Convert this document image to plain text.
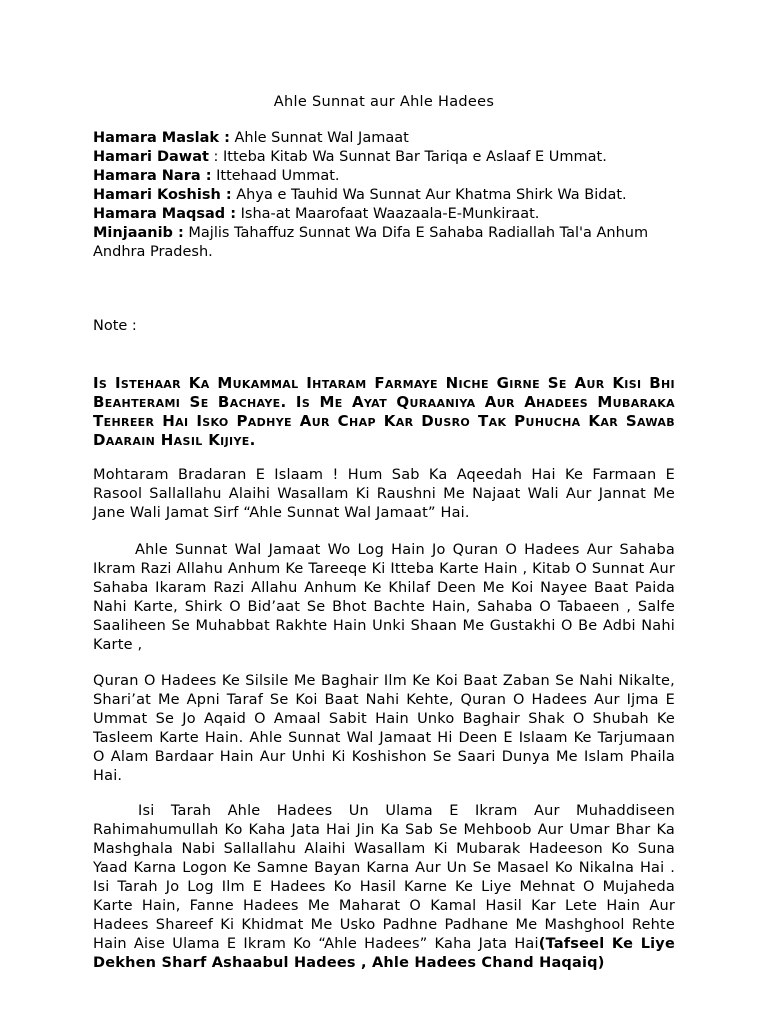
Ahle Sunnat aur Ahle Hadees

Hamara Maslak : Ahle Sunnat Wal Jamaat

Hamari Dawat : Itteba Kitab Wa Sunnat Bar Tariqa e Aslaaf E Ummat.

Hamara Nara : Ittehaad Ummat.

Hamari Koshish : Ahya e Tauhid Wa Sunnat Aur Khatma Shirk Wa Bidat.

Hamara Maqsad : Isha-at Maarofaat Waazaala-E-Munkiraat.

Minjaanib : Majlis Tahaffuz Sunnat Wa Difa E Sahaba Radiallah Tal'a Anhum Andhra Pradesh.

Note :
Is Istehaar Ka Mukammal Ihtaram Farmaye Niche Girne Se Aur Kisi Bhi Beahterami Se Bachaye. Is Me Ayat Quraaniya Aur Ahadees Mubaraka Tehreer Hai Isko Padhye Aur Chap Kar Dusro Tak Puhucha Kar Sawab Daarain Hasil Kijiye.
Mohtaram Bradaran E Islaam ! Hum Sab Ka Aqeedah Hai Ke Farmaan E Rasool Sallallahu Alaihi Wasallam Ki Raushni Me Najaat Wali Aur Jannat Me Jane Wali Jamat Sirf “Ahle Sunnat Wal Jamaat” Hai.
Ahle Sunnat Wal Jamaat Wo Log Hain Jo Quran O Hadees Aur Sahaba Ikram Razi Allahu Anhum Ke Tareeqe Ki Itteba Karte Hain , Kitab O Sunnat Aur Sahaba Ikaram Razi Allahu Anhum Ke Khilaf Deen Me Koi Nayee Baat Paida Nahi Karte, Shirk O Bid’aat Se Bhot Bachte Hain, Sahaba O Tabaeen , Salfe Saaliheen Se Muhabbat Rakhte Hain Unki Shaan Me Gustakhi O Be Adbi Nahi Karte ,
Quran O Hadees Ke Silsile Me Baghair Ilm Ke Koi Baat Zaban Se Nahi Nikalte, Shari’at Me Apni Taraf Se Koi Baat Nahi Kehte, Quran O Hadees Aur Ijma E Ummat Se Jo Aqaid O Amaal Sabit Hain Unko Baghair Shak O Shubah Ke Tasleem Karte Hain. Ahle Sunnat Wal Jamaat Hi Deen E Islaam Ke Tarjumaan O Alam Bardaar Hain Aur Unhi Ki Koshishon Se Saari Dunya Me Islam Phaila Hai.
Isi Tarah Ahle Hadees Un Ulama E Ikram Aur Muhaddiseen Rahimahumullah Ko Kaha Jata Hai Jin Ka Sab Se Mehboob Aur Umar Bhar Ka Mashghala Nabi Sallallahu Alaihi Wasallam Ki Mubarak Hadeeson Ko Suna Yaad Karna Logon Ke Samne Bayan Karna Aur Un Se Masael Ko Nikalna Hai . Isi Tarah Jo Log Ilm E Hadees Ko Hasil Karne Ke Liye Mehnat O Mujaheda Karte Hain, Fanne Hadees Me Maharat O Kamal Hasil Kar Lete Hain Aur Hadees Shareef Ki Khidmat Me Usko Padhne Padhane Me Mashghool Rehte Hain Aise Ulama E Ikram Ko “Ahle Hadees” Kaha Jata Hai(Tafseel Ke Liye Dekhen Sharf Ashaabul Hadees , Ahle Hadees Chand Haqaiq)
